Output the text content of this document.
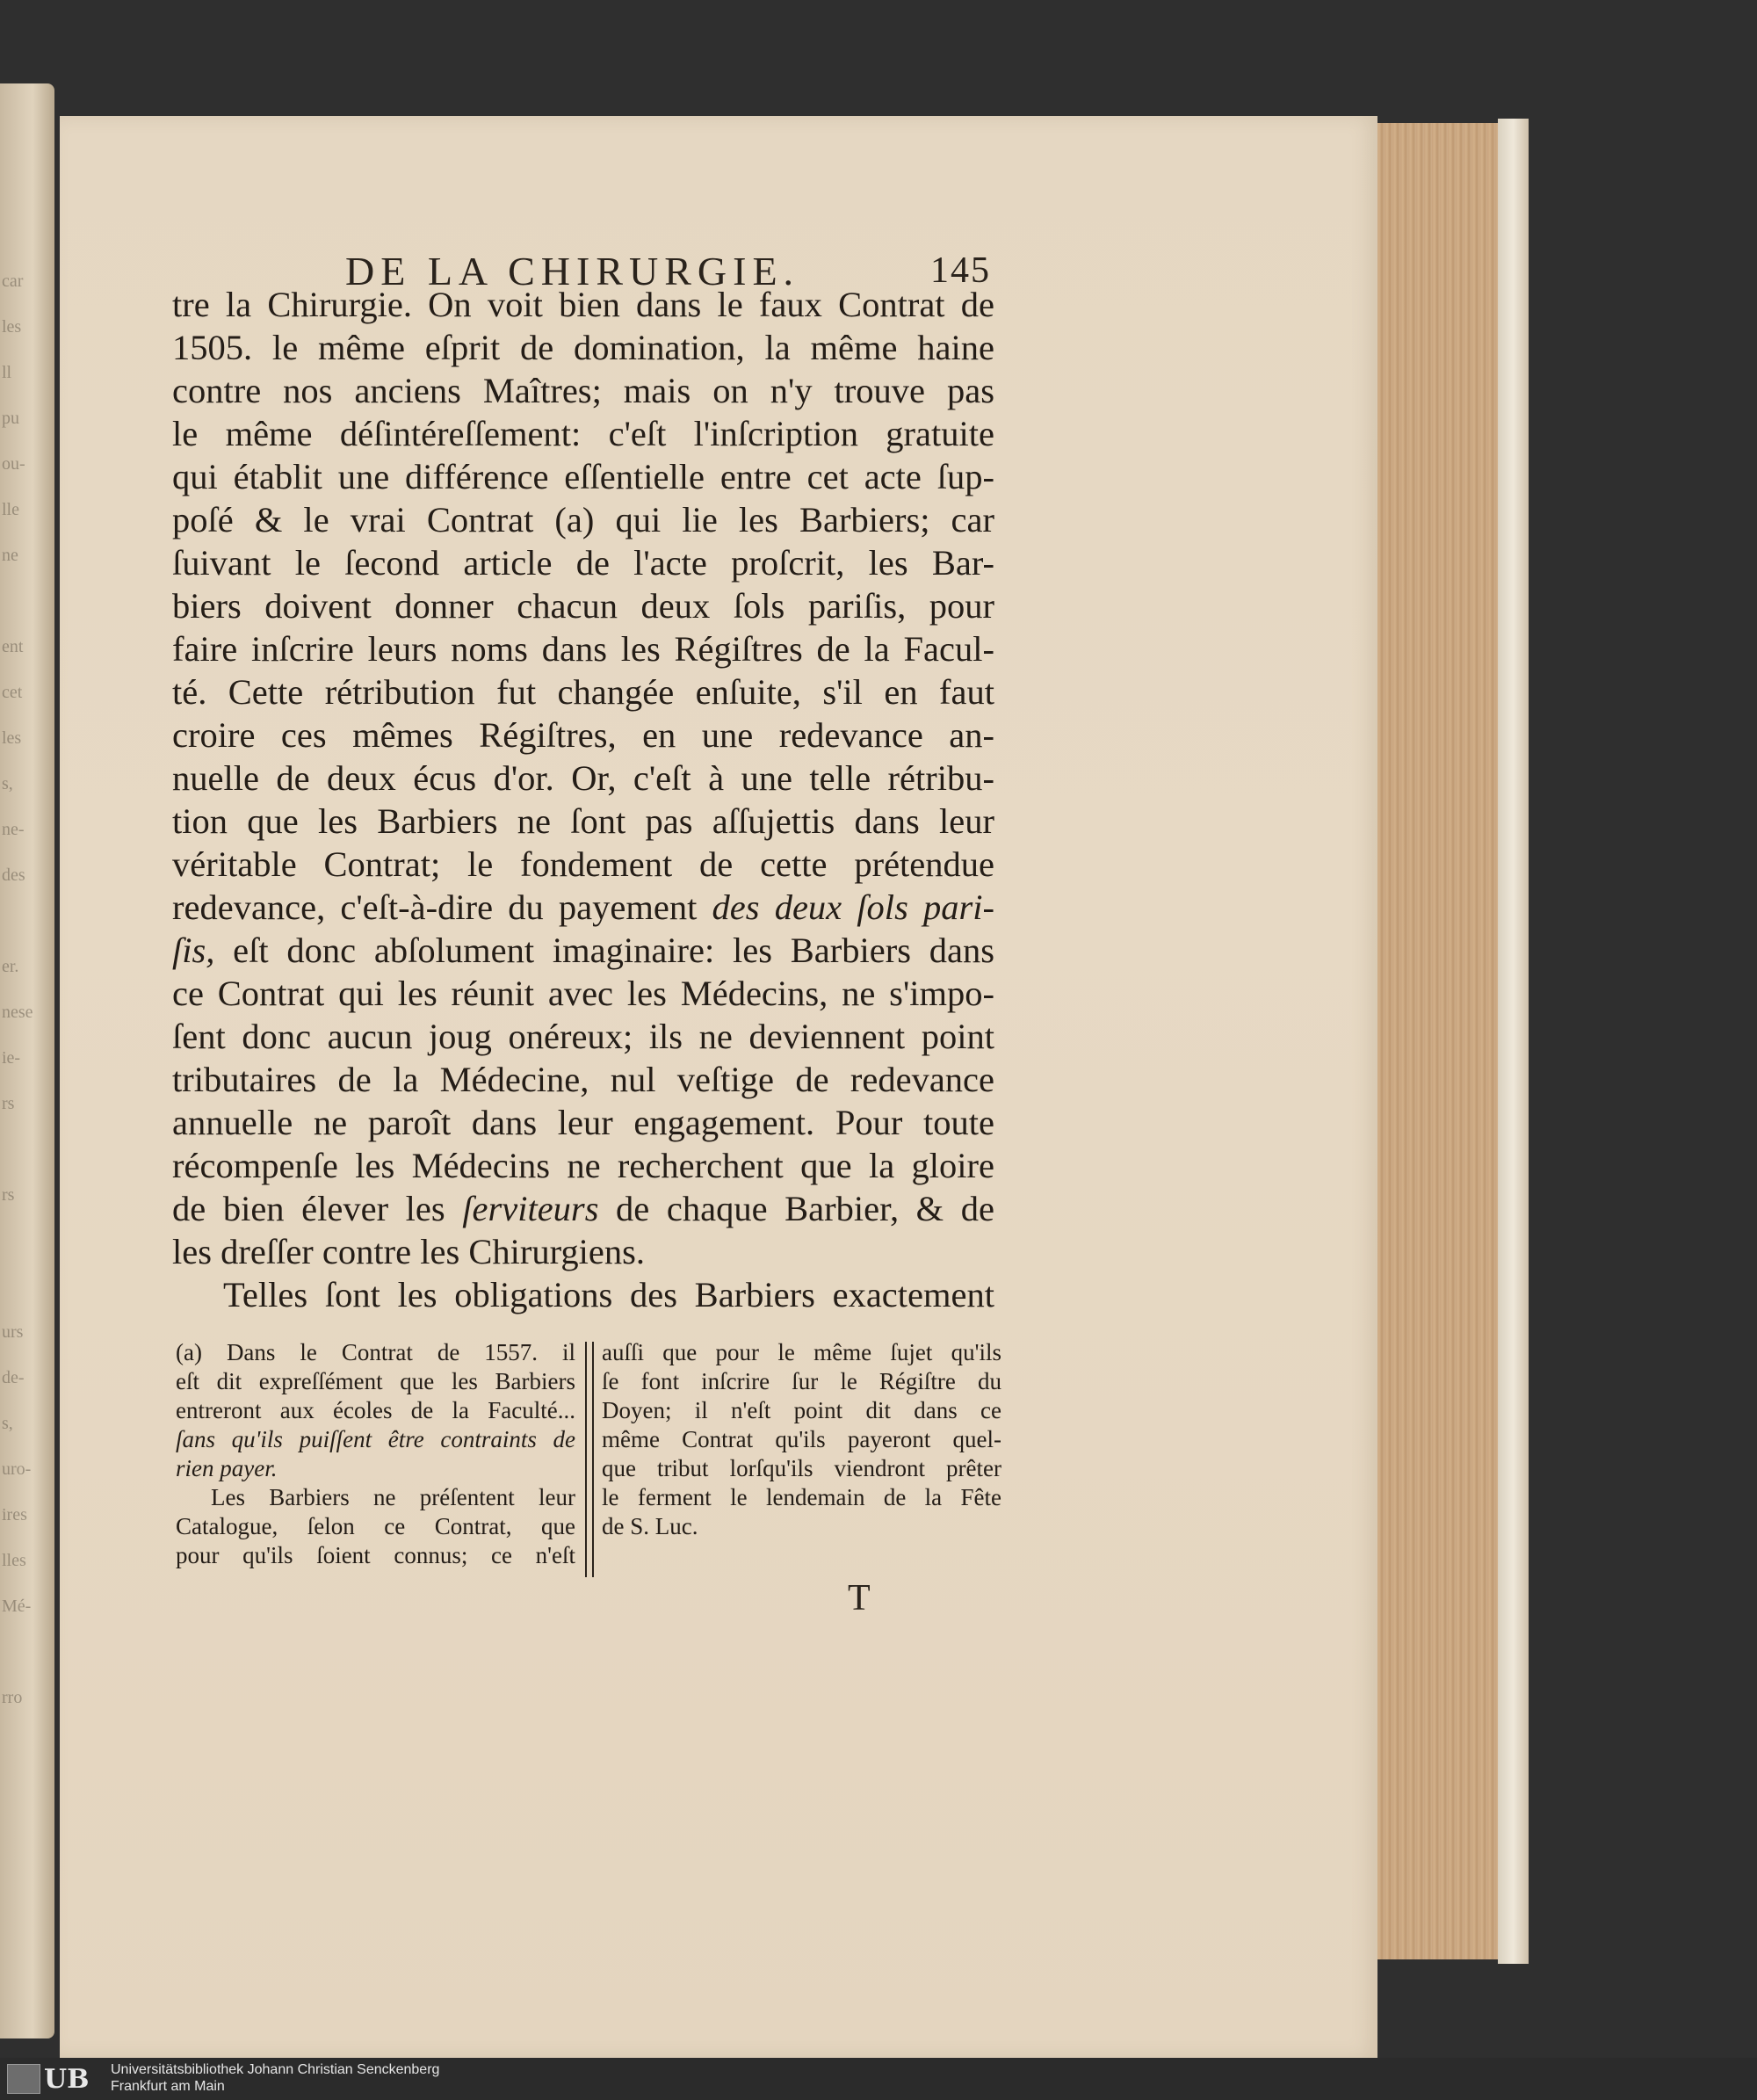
car
les
ll
pu
ou-
lle
ne
ent
cet
les
s,
ne-
des
er.
nese
ie-
rs
rs
urs
de-
s,
uro-
ires
lles
Mé-
rro
DE LA CHIRURGIE.	145
tre la Chirurgie. On voit bien dans le faux Contrat de
1505. le même eſprit de domination, la même haine
contre nos anciens Maîtres; mais on n'y trouve pas
le même déſintéreſſement: c'eſt l'inſcription gratuite
qui établit une différence eſſentielle entre cet acte ſup-
poſé & le vrai Contrat (a) qui lie les Barbiers; car
ſuivant le ſecond article de l'acte proſcrit, les Bar-
biers doivent donner chacun deux ſols pariſis, pour
faire inſcrire leurs noms dans les Régiſtres de la Facul-
té. Cette rétribution fut changée enſuite, s'il en faut
croire ces mêmes Régiſtres, en une redevance an-
nuelle de deux écus d'or. Or, c'eſt à une telle rétribu-
tion que les Barbiers ne ſont pas aſſujettis dans leur
véritable Contrat; le fondement de cette prétendue
redevance, c'eſt-à-dire du payement des deux ſols pari-
ſis, eſt donc abſolument imaginaire: les Barbiers dans
ce Contrat qui les réunit avec les Médecins, ne s'impo-
ſent donc aucun joug onéreux; ils ne deviennent point
tributaires de la Médecine, nul veſtige de redevance
annuelle ne paroît dans leur engagement. Pour toute
récompenſe les Médecins ne recherchent que la gloire
de bien élever les ſerviteurs de chaque Barbier, & de
les dreſſer contre les Chirurgiens.
Telles ſont les obligations des Barbiers exactement
(a) Dans le Contrat de 1557. il
eſt dit expreſſément que les Barbiers
entreront aux écoles de la Faculté...
ſans qu'ils puiſſent être contraints de
rien payer.
Les Barbiers ne préſentent leur
Catalogue, ſelon ce Contrat, que
pour qu'ils ſoient connus; ce n'eſt
auſſi que pour le même ſujet qu'ils
ſe font inſcrire ſur le Régiſtre du
Doyen; il n'eſt point dit dans ce
même Contrat qu'ils payeront quel-
que tribut lorſqu'ils viendront prêter
le ferment le lendemain de la Fête
de S. Luc.
T
UB Universitätsbibliothek Johann Christian Senckenberg
Frankfurt am Main
